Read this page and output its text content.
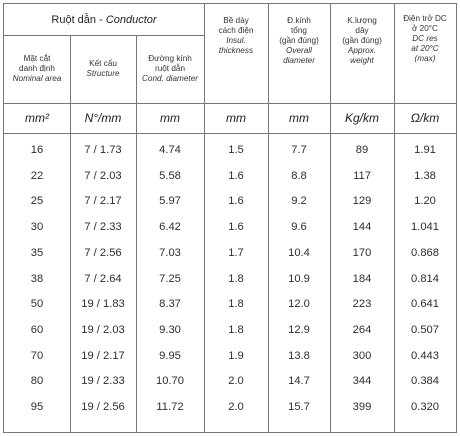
Ruột dẫn - Conductor
Mặt cắt
danh định
Nominal area
Kết cấu
Structure
Đường kính
ruột dẫn
Cond. diameter
Bề dày
cách điện
Insul.
thickness
Đ.kính
tổng
(gần đúng)
Overall
diameter
K.lượng
dây
(gần đúng)
Approx.
weight
Điện trở DC
ở 20°C
DC res
at 20°C
(max)
mm²	N°/mm	mm	mm	mm	Kg/km	Ω/km
16	7 / 1.73	4.74	1.5	7.7	89	1.91
22	7 / 2.03	5.58	1.6	8.8	117	1.38
25	7 / 2.17	5.97	1.6	9.2	129	1.20
30	7 / 2.33	6.42	1.6	9.6	144	1.041
35	7 / 2.56	7.03	1.7	10.4	170	0.868
38	7 / 2.64	7.25	1.8	10.9	184	0.814
50	19 / 1.83	8.37	1.8	12.0	223	0.641
60	19 / 2.03	9.30	1.8	12.9	264	0.507
70	19 / 2.17	9.95	1.9	13.8	300	0.443
80	19 / 2.33	10.70	2.0	14.7	344	0.384
95	19 / 2.56	11.72	2.0	15.7	399	0.320
